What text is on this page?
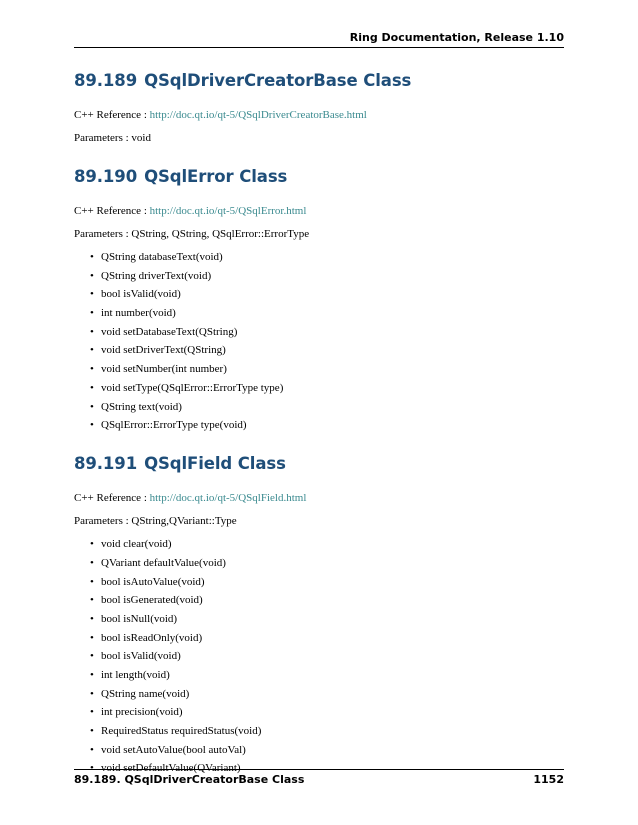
Ring Documentation, Release 1.10
89.189 QSqlDriverCreatorBase Class

C++ Reference : http://doc.qt.io/qt-5/QSqlDriverCreatorBase.html

Parameters : void

89.190 QSqlError Class

C++ Reference : http://doc.qt.io/qt-5/QSqlError.html

Parameters : QString, QString, QSqlError::ErrorType

• QString databaseText(void)
• QString driverText(void)
• bool isValid(void)
• int number(void)
• void setDatabaseText(QString)
• void setDriverText(QString)
• void setNumber(int number)
• void setType(QSqlError::ErrorType type)
• QString text(void)
• QSqlError::ErrorType type(void)
89.191 QSqlField Class

C++ Reference : http://doc.qt.io/qt-5/QSqlField.html

Parameters : QString,QVariant::Type

• void clear(void)
• QVariant defaultValue(void)
• bool isAutoValue(void)
• bool isGenerated(void)
• bool isNull(void)
• bool isReadOnly(void)
• bool isValid(void)
• int length(void)
• QString name(void)
• int precision(void)
• RequiredStatus requiredStatus(void)
• void setAutoValue(bool autoVal)
• void setDefaultValue(QVariant)
89.189. QSqlDriverCreatorBase Class	1152
